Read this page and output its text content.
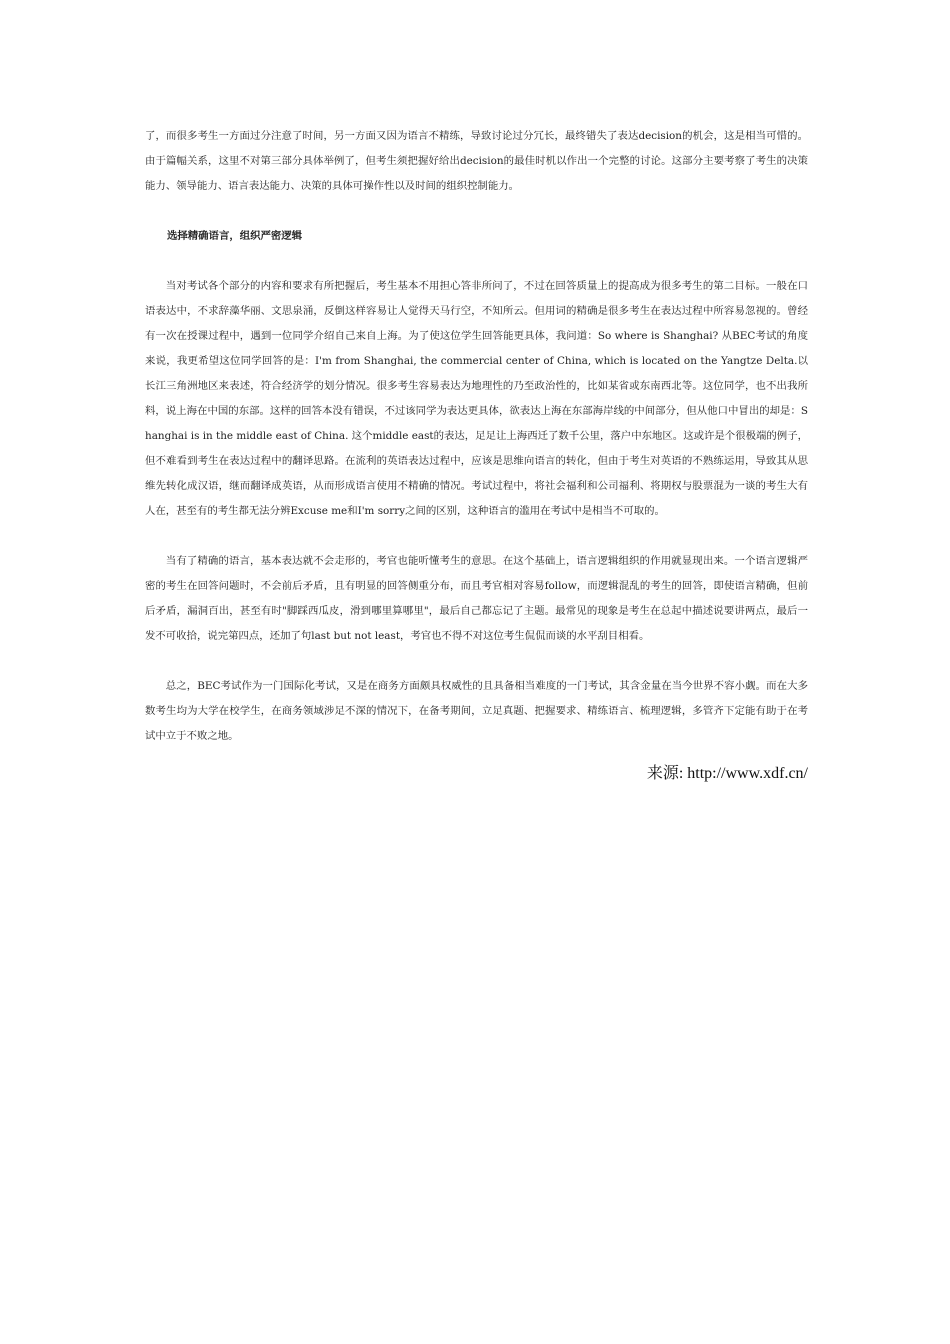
了，而很多考生一方面过分注意了时间，另一方面又因为语言不精练，导致讨论过分冗长，最终错失了表达decision的机会，这是相当可惜的。由于篇幅关系，这里不对第三部分具体举例了，但考生须把握好给出decision的最佳时机以作出一个完整的讨论。这部分主要考察了考生的决策能力、领导能力、语言表达能力、决策的具体可操作性以及时间的组织控制能力。

选择精确语言，组织严密逻辑

当对考试各个部分的内容和要求有所把握后，考生基本不用担心答非所问了，不过在回答质量上的提高成为很多考生的第二目标。一般在口语表达中，不求辞藻华丽、文思泉涌，反倒这样容易让人觉得天马行空，不知所云。但用词的精确是很多考生在表达过程中所容易忽视的。曾经有一次在授课过程中，遇到一位同学介绍自己来自上海。为了使这位学生回答能更具体，我问道：So where is Shanghai? 从BEC考试的角度来说，我更希望这位同学回答的是：I'm from Shanghai, the commercial center of China, which is located on the Yangtze Delta.以长江三角洲地区来表述，符合经济学的划分情况。很多考生容易表达为地理性的乃至政治性的，比如某省或东南西北等。这位同学，也不出我所料，说上海在中国的东部。这样的回答本没有错误，不过该同学为表达更具体，欲表达上海在东部海岸线的中间部分，但从他口中冒出的却是：Shanghai is in the middle east of China. 这个middle east的表达，足足让上海西迁了数千公里，落户中东地区。这或许是个很极端的例子，但不难看到考生在表达过程中的翻译思路。在流利的英语表达过程中，应该是思维向语言的转化，但由于考生对英语的不熟练运用，导致其从思维先转化成汉语，继而翻译成英语，从而形成语言使用不精确的情况。考试过程中，将社会福利和公司福利、将期权与股票混为一谈的考生大有人在，甚至有的考生都无法分辨Excuse me和I'm sorry之间的区别，这种语言的滥用在考试中是相当不可取的。

当有了精确的语言，基本表达就不会走形的，考官也能听懂考生的意思。在这个基础上，语言逻辑组织的作用就显现出来。一个语言逻辑严密的考生在回答问题时，不会前后矛盾，且有明显的回答侧重分布，而且考官相对容易follow，而逻辑混乱的考生的回答，即使语言精确，但前后矛盾，漏洞百出，甚至有时"脚踩西瓜皮，滑到哪里算哪里"，最后自己都忘记了主题。最常见的现象是考生在总起中描述说要讲两点，最后一发不可收拾，说完第四点，还加了句last but not least，考官也不得不对这位考生侃侃而谈的水平刮目相看。

总之，BEC考试作为一门国际化考试，又是在商务方面颇具权威性的且具备相当难度的一门考试，其含金量在当今世界不容小觑。而在大多数考生均为大学在校学生，在商务领域涉足不深的情况下，在备考期间，立足真题、把握要求、精练语言、梳理逻辑，多管齐下定能有助于在考试中立于不败之地。

来源: http://www.xdf.cn/
